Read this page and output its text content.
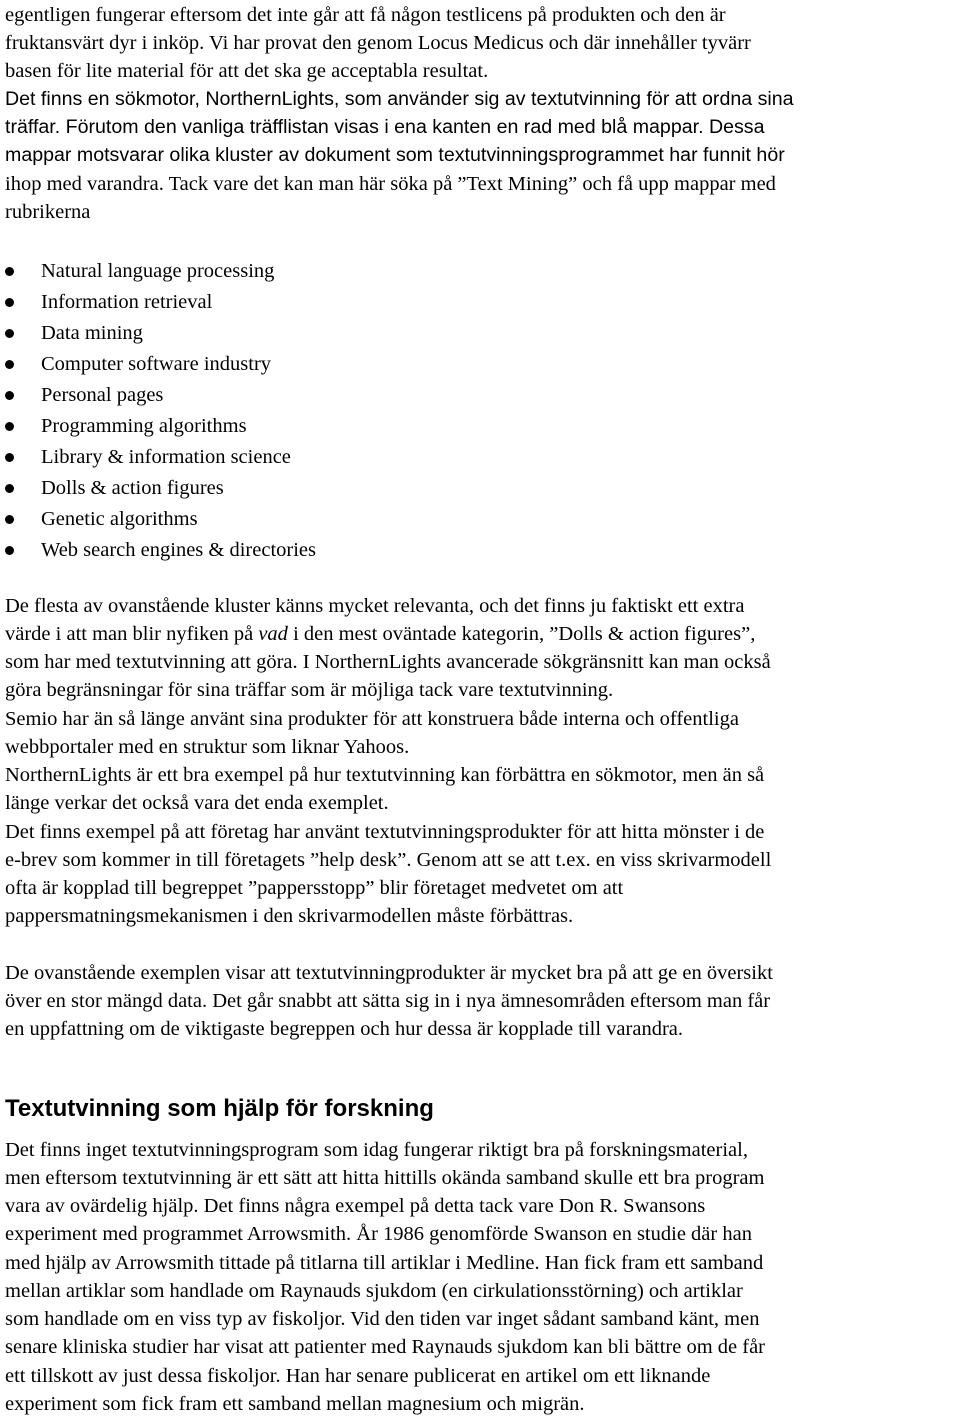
egentligen fungerar eftersom det inte går att få någon testlicens på produkten och den är
fruktansvärt dyr i inköp. Vi har provat den genom Locus Medicus och där innehåller tyvärr
basen för lite material för att det ska ge acceptabla resultat.
Det finns en sökmotor, NorthernLights, som använder sig av textutvinning för att ordna sina
träffar. Förutom den vanliga träfflistan visas i ena kanten en rad med blå mappar. Dessa
mappar motsvarar olika kluster av dokument som textutvinningsprogrammet har funnit hör
ihop med varandra. Tack vare det kan man här söka på ”Text Mining” och få upp mappar med
rubrikerna
Natural language processing
Information retrieval
Data mining
Computer software industry
Personal pages
Programming algorithms
Library & information science
Dolls & action figures
Genetic algorithms
Web search engines & directories
De flesta av ovanstående kluster känns mycket relevanta, och det finns ju faktiskt ett extra
värde i att man blir nyfiken på vad i den mest oväntade kategorin, ”Dolls & action figures”,
som har med textutvinning att göra. I NorthernLights avancerade sökgränsnitt kan man också
göra begränsningar för sina träffar som är möjliga tack vare textutvinning.
Semio har än så länge använt sina produkter för att konstruera både interna och offentliga
webbportaler med en struktur som liknar Yahoos.
NorthernLights är ett bra exempel på hur textutvinning kan förbättra en sökmotor, men än så
länge verkar det också vara det enda exemplet.
Det finns exempel på att företag har använt textutvinningsprodukter för att hitta mönster i de
e-brev som kommer in till företagets ”help desk”. Genom att se att t.ex. en viss skrivarmodell
ofta är kopplad till begreppet ”pappersstopp” blir företaget medvetet om att
pappersmatningsmekanismen i den skrivarmodellen måste förbättras.
De ovanstående exemplen visar att textutvinningprodukter är mycket bra på att ge en översikt
över en stor mängd data. Det går snabbt att sätta sig in i nya ämnesområden eftersom man får
en uppfattning om de viktigaste begreppen och hur dessa är kopplade till varandra.
Textutvinning som hjälp för forskning
Det finns inget textutvinningsprogram som idag fungerar riktigt bra på forskningsmaterial,
men eftersom textutvinning är ett sätt att hitta hittills okända samband skulle ett bra program
vara av ovärdelig hjälp. Det finns några exempel på detta tack vare Don R. Swansons
experiment med programmet Arrowsmith. År 1986 genomförde Swanson en studie där han
med hjälp av Arrowsmith tittade på titlarna till artiklar i Medline. Han fick fram ett samband
mellan artiklar som handlade om Raynauds sjukdom (en cirkulationsstörning) och artiklar
som handlade om en viss typ av fiskoljor. Vid den tiden var inget sådant samband känt, men
senare kliniska studier har visat att patienter med Raynauds sjukdom kan bli bättre om de får
ett tillskott av just dessa fiskoljor. Han har senare publicerat en artikel om ett liknande
experiment som fick fram ett samband mellan magnesium och migrän.
